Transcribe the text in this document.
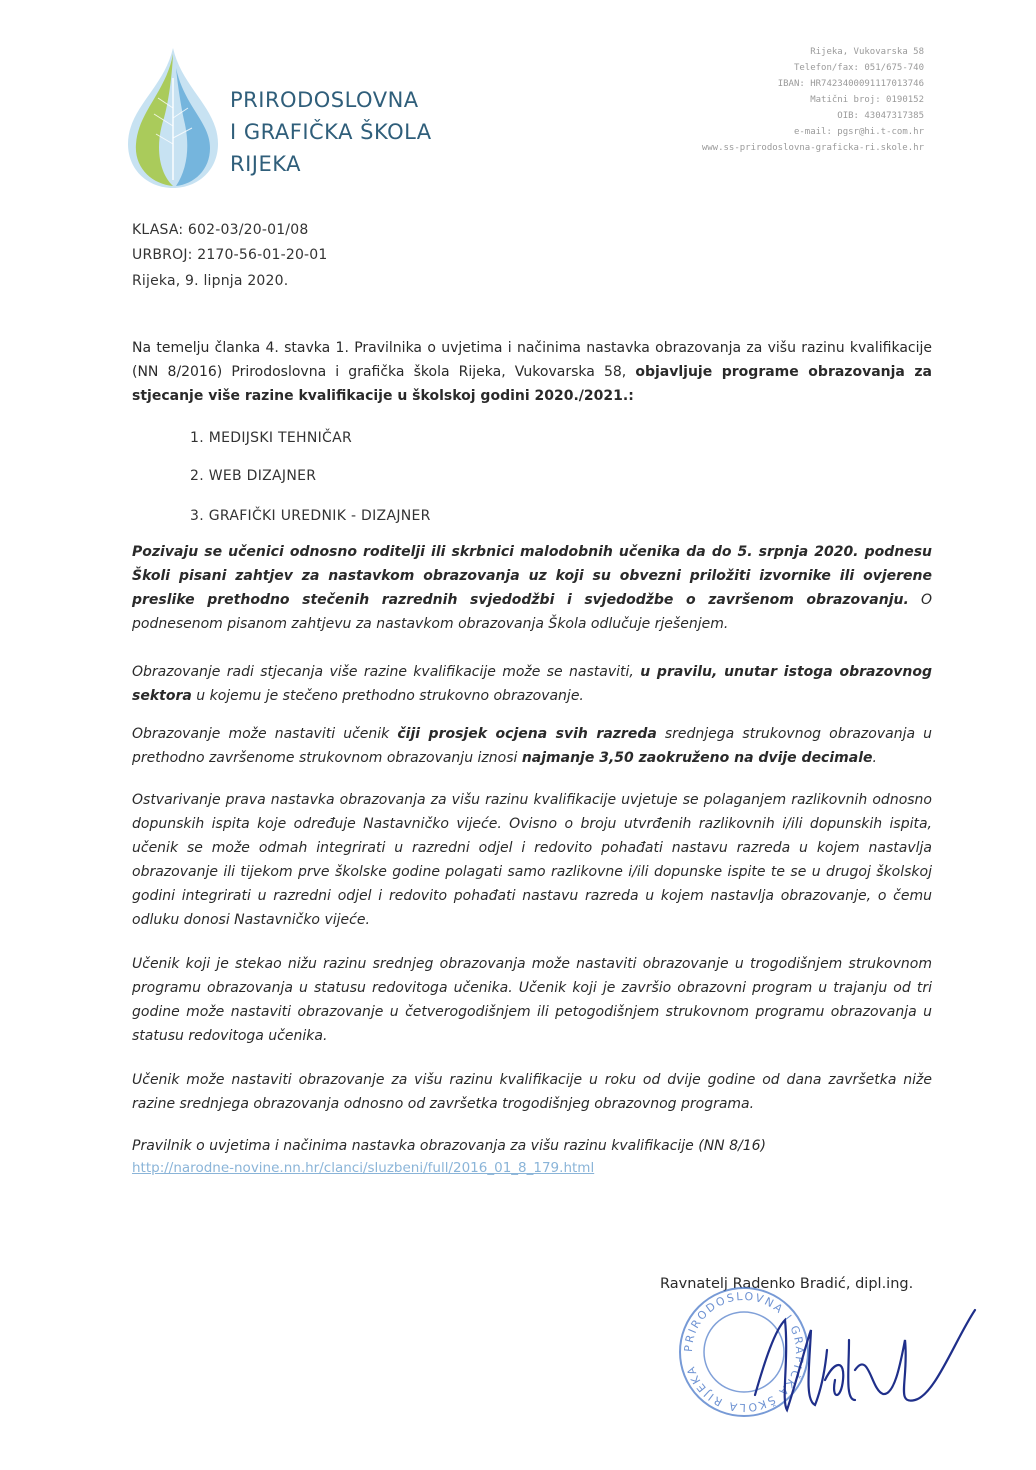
PRIRODOSLOVNA
I GRAFIČKA ŠKOLA
RIJEKA
Rijeka, Vukovarska 58
Telefon/fax: 051/675-740
IBAN: HR7423400091117013746
Matični broj: 0190152
OIB: 43047317385
e-mail: pgsr@hi.t-com.hr
www.ss-prirodoslovna-graficka-ri.skole.hr
KLASA: 602-03/20-01/08
URBROJ: 2170-56-01-20-01
Rijeka, 9. lipnja 2020.
Na temelju članka 4. stavka 1. Pravilnika o uvjetima i načinima nastavka obrazovanja za višu razinu kvalifikacije (NN 8/2016) Prirodoslovna i grafička škola Rijeka, Vukovarska 58, objavljuje programe obrazovanja za stjecanje više razine kvalifikacije u školskoj godini 2020./2021.:
1. MEDIJSKI TEHNIČAR
2. WEB DIZAJNER
3. GRAFIČKI UREDNIK - DIZAJNER
Pozivaju se učenici odnosno roditelji ili skrbnici malodobnih učenika da do 5. srpnja 2020. podnesu Školi pisani zahtjev za nastavkom obrazovanja uz koji su obvezni priložiti izvornike ili ovjerene preslike prethodno stečenih razrednih svjedodžbi i svjedodžbe o završenom obrazovanju. O podnesenom pisanom zahtjevu za nastavkom obrazovanja Škola odlučuje rješenjem.
Obrazovanje radi stjecanja više razine kvalifikacije može se nastaviti, u pravilu, unutar istoga obrazovnog sektora u kojemu je stečeno prethodno strukovno obrazovanje.
Obrazovanje može nastaviti učenik čiji prosjek ocjena svih razreda srednjega strukovnog obrazovanja u prethodno završenome strukovnom obrazovanju iznosi najmanje 3,50 zaokruženo na dvije decimale.
Ostvarivanje prava nastavka obrazovanja za višu razinu kvalifikacije uvjetuje se polaganjem razlikovnih odnosno dopunskih ispita koje određuje Nastavničko vijeće. Ovisno o broju utvrđenih razlikovnih i/ili dopunskih ispita, učenik se može odmah integrirati u razredni odjel i redovito pohađati nastavu razreda u kojem nastavlja obrazovanje ili tijekom prve školske godine polagati samo razlikovne i/ili dopunske ispite te se u drugoj školskoj godini integrirati u razredni odjel i redovito pohađati nastavu razreda u kojem nastavlja obrazovanje, o čemu odluku donosi Nastavničko vijeće.
Učenik koji je stekao nižu razinu srednjeg obrazovanja može nastaviti obrazovanje u trogodišnjem strukovnom programu obrazovanja u statusu redovitoga učenika. Učenik koji je završio obrazovni program u trajanju od tri godine može nastaviti obrazovanje u četverogodišnjem ili petogodišnjem strukovnom programu obrazovanja u statusu redovitoga učenika.
Učenik može nastaviti obrazovanje za višu razinu kvalifikacije u roku od dvije godine od dana završetka niže razine srednjega obrazovanja odnosno od završetka trogodišnjeg obrazovnog programa.
Pravilnik o uvjetima i načinima nastavka obrazovanja za višu razinu kvalifikacije (NN 8/16)
http://narodne-novine.nn.hr/clanci/sluzbeni/full/2016_01_8_179.html
Ravnatelj Radenko Bradić, dipl.ing.
PRIRODOSLOVNA I GRAFIČKA ŠKOLA RIJEKA
